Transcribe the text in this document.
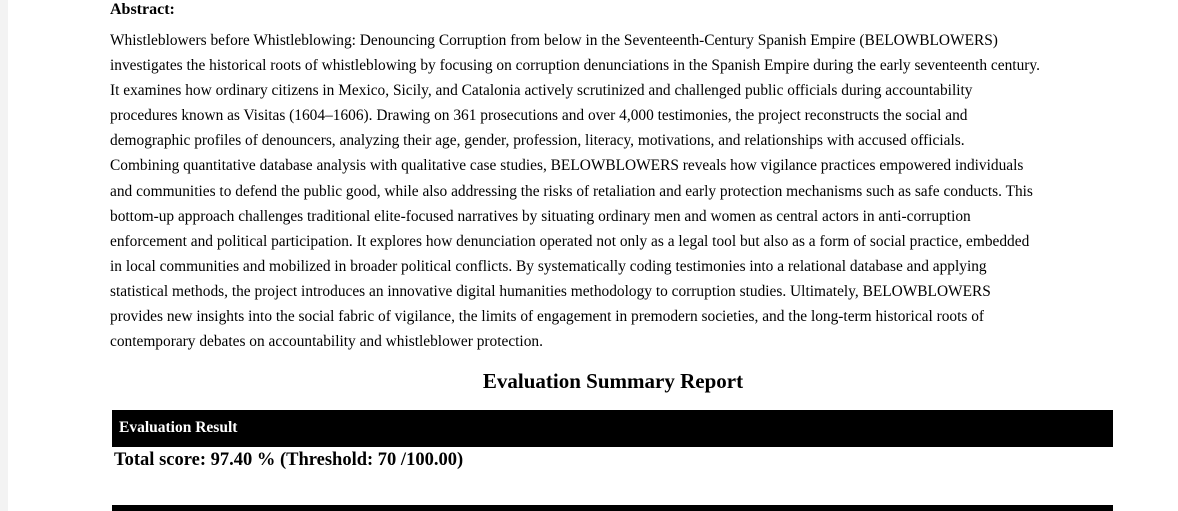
Abstract:

Whistleblowers before Whistleblowing: Denouncing Corruption from below in the Seventeenth-Century Spanish Empire (BELOWBLOWERS)
investigates the historical roots of whistleblowing by focusing on corruption denunciations in the Spanish Empire during the early seventeenth century.
It examines how ordinary citizens in Mexico, Sicily, and Catalonia actively scrutinized and challenged public officials during accountability
procedures known as Visitas (1604–1606). Drawing on 361 prosecutions and over 4,000 testimonies, the project reconstructs the social and
demographic profiles of denouncers, analyzing their age, gender, profession, literacy, motivations, and relationships with accused officials.
Combining quantitative database analysis with qualitative case studies, BELOWBLOWERS reveals how vigilance practices empowered individuals
and communities to defend the public good, while also addressing the risks of retaliation and early protection mechanisms such as safe conducts. This
bottom-up approach challenges traditional elite-focused narratives by situating ordinary men and women as central actors in anti-corruption
enforcement and political participation. It explores how denunciation operated not only as a legal tool but also as a form of social practice, embedded
in local communities and mobilized in broader political conflicts. By systematically coding testimonies into a relational database and applying
statistical methods, the project introduces an innovative digital humanities methodology to corruption studies. Ultimately, BELOWBLOWERS
provides new insights into the social fabric of vigilance, the limits of engagement in premodern societies, and the long-term historical roots of
contemporary debates on accountability and whistleblower protection.

Evaluation Summary Report
Evaluation Result
Total score: 97.40 % (Threshold: 70 /100.00)
